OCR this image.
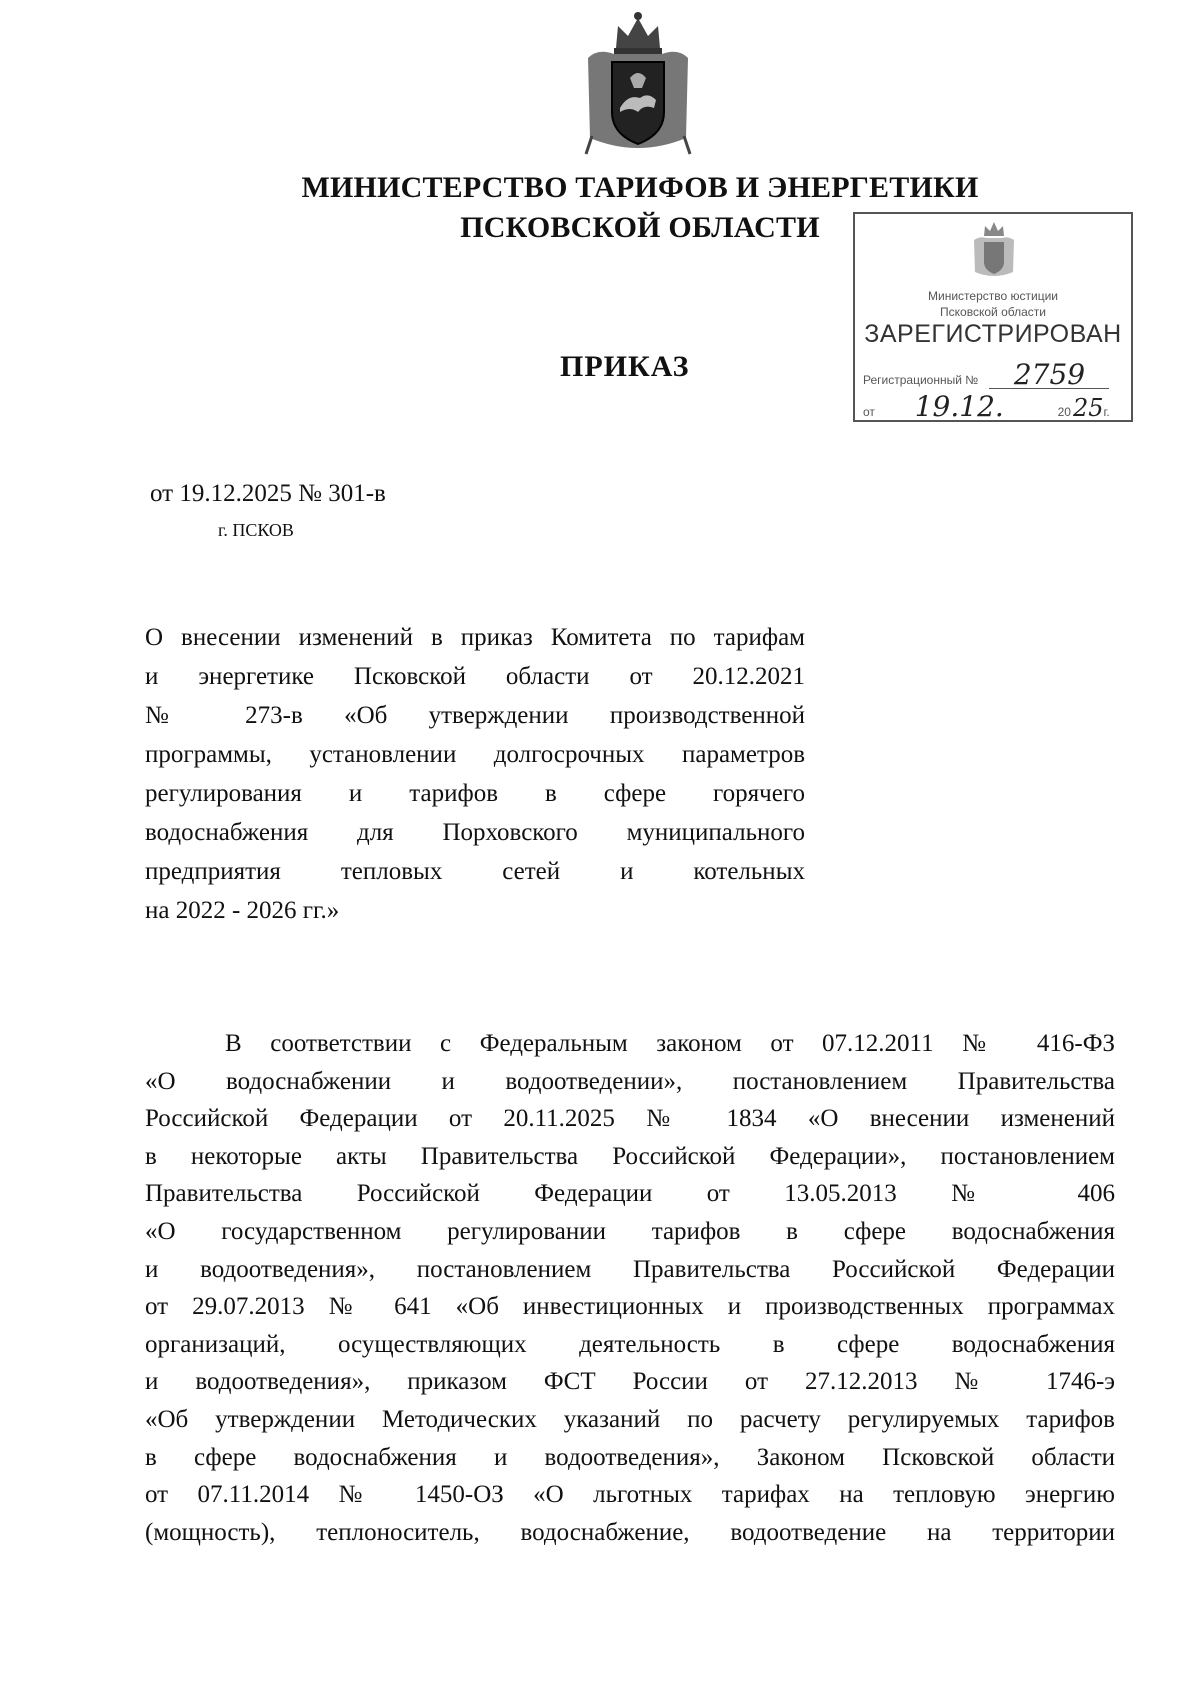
МИНИСТЕРСТВО ТАРИФОВ И ЭНЕРГЕТИКИ
ПСКОВСКОЙ ОБЛАСТИ
Министерство юстиции
Псковской области
ЗАРЕГИСТРИРОВАН
Регистрационный № 2759
от 19.12.	2025г.
ПРИКАЗ
от 19.12.2025 № 301-в
г. ПСКОВ
О внесении изменений в приказ Комитета по тарифам
и энергетике Псковской области от 20.12.2021
№ 273-в «Об утверждении производственной
программы, установлении долгосрочных параметров
регулирования и тарифов в сфере горячего
водоснабжения для Порховского муниципального
предприятия тепловых сетей и котельных
на 2022 - 2026 гг.»
В соответствии с Федеральным законом от 07.12.2011 № 416-ФЗ
«О водоснабжении и водоотведении», постановлением Правительства
Российской Федерации от 20.11.2025 № 1834 «О внесении изменений
в некоторые акты Правительства Российской Федерации», постановлением
Правительства Российской Федерации от 13.05.2013 № 406
«О государственном регулировании тарифов в сфере водоснабжения
и водоотведения», постановлением Правительства Российской Федерации
от 29.07.2013 № 641 «Об инвестиционных и производственных программах
организаций, осуществляющих деятельность в сфере водоснабжения
и водоотведения», приказом ФСТ России от 27.12.2013 № 1746-э
«Об утверждении Методических указаний по расчету регулируемых тарифов
в сфере водоснабжения и водоотведения», Законом Псковской области
от 07.11.2014 № 1450-ОЗ «О льготных тарифах на тепловую энергию
(мощность), теплоноситель, водоснабжение, водоотведение на территории
